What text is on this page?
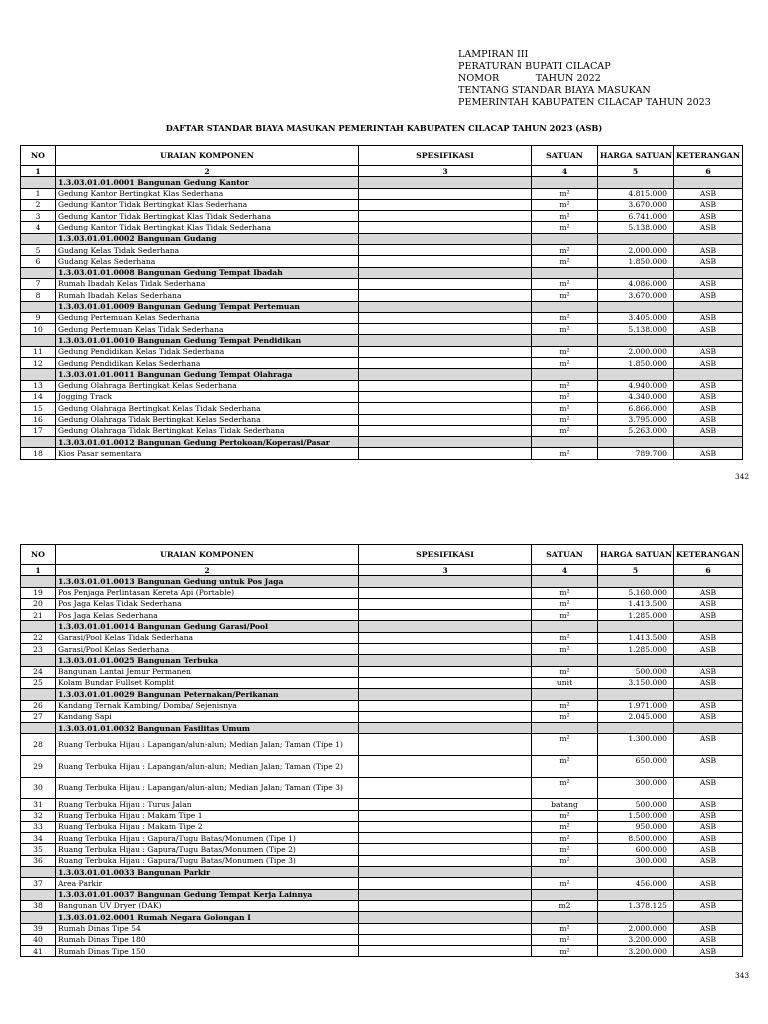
LAMPIRAN III
PERATURAN BUPATI CILACAP
NOMOR            TAHUN 2022
TENTANG STANDAR BIAYA MASUKAN
PEMERINTAH KABUPATEN CILACAP TAHUN 2023
DAFTAR STANDAR BIAYA MASUKAN PEMERINTAH KABUPATEN CILACAP TAHUN 2023 (ASB)
NO	URAIAN KOMPONEN	SPESIFIKASI	SATUAN	HARGA SATUAN	KETERANGAN
1	2	3	4	5	6
	1.3.03.01.01.0001 Bangunan Gedung Kantor				
1	Gedung Kantor Bertingkat Klas Sederhana		m²	4.815.000	ASB
2	Gedung Kantor Tidak Bertingkat Klas Sederhana		m²	3.670.000	ASB
3	Gedung Kantor Tidak Bertingkat Klas Tidak Sederhana		m²	6.741.000	ASB
4	Gedung Kantor Tidak Bertingkat Klas Tidak Sederhana		m²	5.138.000	ASB
	1.3.03.01.01.0002 Bangunan Gudang				
5	Gudang Kelas Tidak Sederhana		m²	2.000.000	ASB
6	Gudang Kelas Sederhana		m²	1.850.000	ASB
	1.3.03.01.01.0008 Bangunan Gedung Tempat Ibadah				
7	Rumah Ibadah Kelas Tidak Sederhana		m²	4.086.000	ASB
8	Rumah Ibadah Kelas Sederhana		m²	3.670.000	ASB
	1.3.03.01.01.0009 Bangunan Gedung Tempat Pertemuan				
9	Gedung Pertemuan Kelas Sederhana		m²	3.405.000	ASB
10	Gedung Pertemuan Kelas Tidak Sederhana		m²	5.138.000	ASB
	1.3.03.01.01.0010 Bangunan Gedung Tempat Pendidikan				
11	Gedung Pendidikan Kelas Tidak Sederhana		m²	2.000.000	ASB
12	Gedung Pendidikan Kelas Sederhana		m²	1.850.000	ASB
	1.3.03.01.01.0011 Bangunan Gedung Tempat Olahraga				
13	Gedung Olahraga Bertingkat Kelas Sederhana		m²	4.940.000	ASB
14	Jogging Track		m²	4.340.000	ASB
15	Gedung Olahraga Bertingkat Kelas Tidak Sederhana		m²	6.866.000	ASB
16	Gedung Olahraga Tidak Bertingkat Kelas Sederhana		m²	3.795.000	ASB
17	Gedung Olahraga Tidak Bertingkat Kelas Tidak Sederhana		m²	5.263.000	ASB
	1.3.03.01.01.0012 Bangunan Gedung Pertokoan/Koperasi/Pasar				
18	Kios Pasar sementara		m²	789.700	ASB
342
NO	URAIAN KOMPONEN	SPESIFIKASI	SATUAN	HARGA SATUAN	KETERANGAN
1	2	3	4	5	6
	1.3.03.01.01.0013 Bangunan Gedung untuk Pos Jaga				
19	Pos Penjaga Perlintasan Kereta Api (Portable)		m²	5.160.000	ASB
20	Pos Jaga Kelas Tidak Sederhana		m²	1.413.500	ASB
21	Pos Jaga Kelas Sederhana		m²	1.285.000	ASB
	1.3.03.01.01.0014 Bangunan Gedung Garasi/Pool				
22	Garasi/Pool Kelas Tidak Sederhana		m²	1.413.500	ASB
23	Garasi/Pool Kelas Sederhana		m²	1.285.000	ASB
	1.3.03.01.01.0025 Bangunan Terbuka				
24	Bangunan Lantai Jemur Permanen		m²	500.000	ASB
25	Kolam Bundar Fullset Komplit		unit	3.150.000	ASB
	1.3.03.01.01.0029 Bangunan Peternakan/Perikanan				
26	Kandang Ternak Kambing/ Domba/ Sejenisnya		m²	1.971.000	ASB
27	Kandang Sapi		m²	2.045.000	ASB
	1.3.03.01.01.0032 Bangunan Fasilitas Umum				
28	Ruang Terbuka Hijau : Lapangan/alun-alun; Median Jalan; Taman (Tipe 1)		m²	1.300.000	ASB
29	Ruang Terbuka Hijau : Lapangan/alun-alun; Median Jalan; Taman (Tipe 2)		m²	650.000	ASB
30	Ruang Terbuka Hijau : Lapangan/alun-alun; Median Jalan; Taman (Tipe 3)		m²	300.000	ASB
31	Ruang Terbuka Hijau : Turus Jalan		batang	500.000	ASB
32	Ruang Terbuka Hijau : Makam Tipe 1		m²	1.500.000	ASB
33	Ruang Terbuka Hijau : Makam Tipe 2		m²	950.000	ASB
34	Ruang Terbuka Hijau : Gapura/Tugu Batas/Monumen (Tipe 1)		m²	8.500.000	ASB
35	Ruang Terbuka Hijau : Gapura/Tugu Batas/Monumen (Tipe 2)		m²	600.000	ASB
36	Ruang Terbuka Hijau : Gapura/Tugu Batas/Monumen (Tipe 3)		m²	300.000	ASB
	1.3.03.01.01.0033 Bangunan Parkir				
37	Area Parkir		m²	456.000	ASB
	1.3.03.01.01.0037 Bangunan Gedung Tempat Kerja Lainnya				
38	Bangunan UV Dryer (DAK)		m2	1.378.125	ASB
	1.3.03.01.02.0001 Rumah Negara Golongan I				
39	Rumah Dinas Tipe 54		m²	2.000.000	ASB
40	Rumah Dinas Tipe 180		m²	3.200.000	ASB
41	Rumah Dinas Tipe 150		m²	3.200.000	ASB
343
